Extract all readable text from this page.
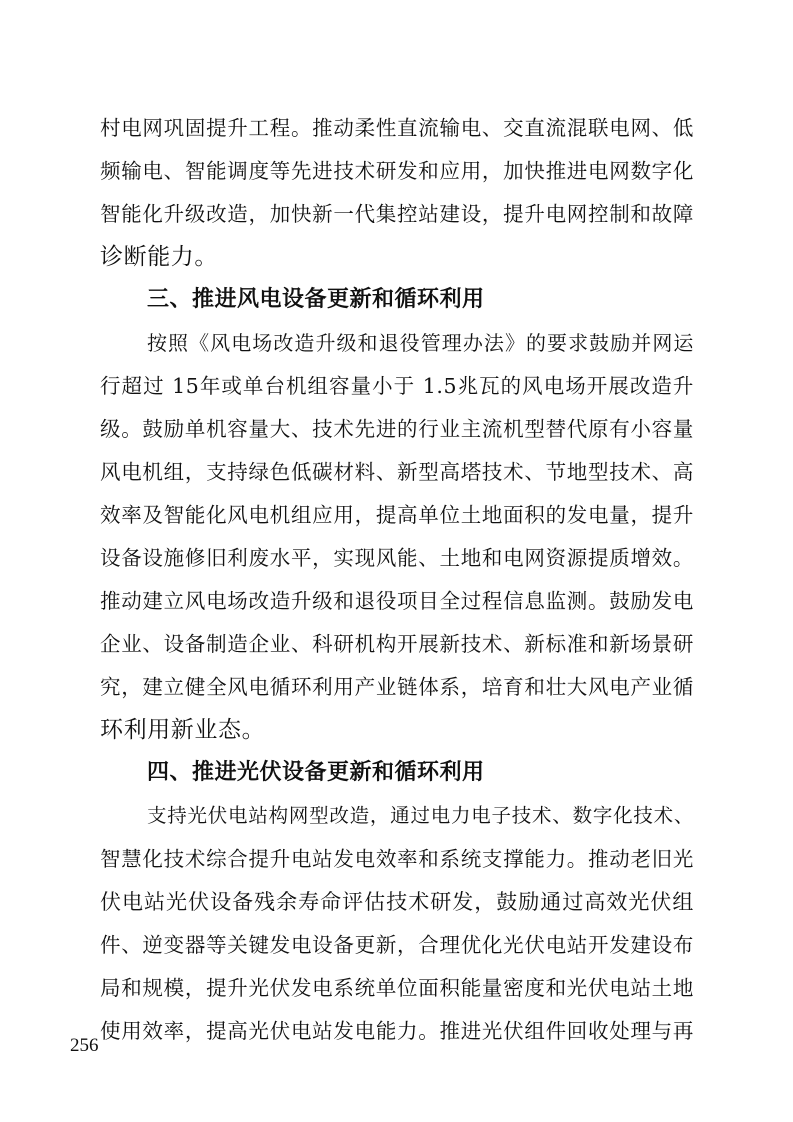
村电网巩固提升工程。推动柔性直流输电、交直流混联电网、低
频输电、智能调度等先进技术研发和应用，加快推进电网数字化
智能化升级改造，加快新一代集控站建设，提升电网控制和故障
诊断能力。
三、推进风电设备更新和循环利用
按照《风电场改造升级和退役管理办法》的要求鼓励并网运
行超过 15年或单台机组容量小于 1.5兆瓦的风电场开展改造升
级。鼓励单机容量大、技术先进的行业主流机型替代原有小容量
风电机组，支持绿色低碳材料、新型高塔技术、节地型技术、高
效率及智能化风电机组应用，提高单位土地面积的发电量，提升
设备设施修旧利废水平，实现风能、土地和电网资源提质增效。
推动建立风电场改造升级和退役项目全过程信息监测。鼓励发电
企业、设备制造企业、科研机构开展新技术、新标准和新场景研
究，建立健全风电循环利用产业链体系，培育和壮大风电产业循
环利用新业态。
四、推进光伏设备更新和循环利用
支持光伏电站构网型改造，通过电力电子技术、数字化技术、
智慧化技术综合提升电站发电效率和系统支撑能力。推动老旧光
伏电站光伏设备残余寿命评估技术研发，鼓励通过高效光伏组
件、逆变器等关键发电设备更新，合理优化光伏电站开发建设布
局和规模，提升光伏发电系统单位面积能量密度和光伏电站土地
使用效率，提高光伏电站发电能力。推进光伏组件回收处理与再
256
